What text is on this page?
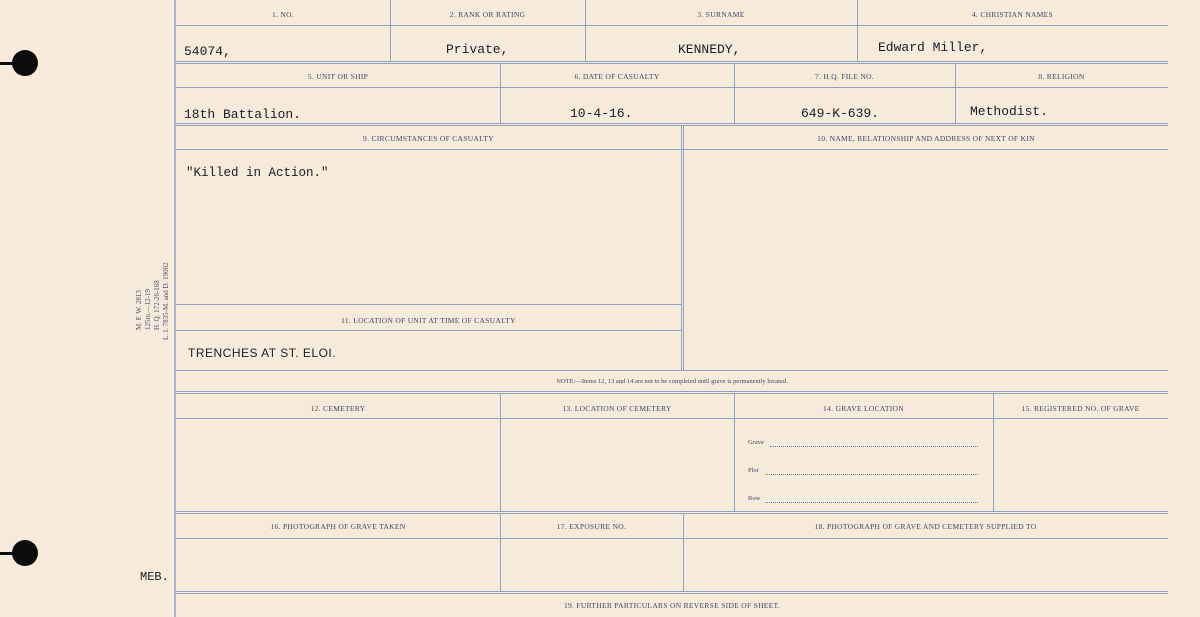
M. F. W. 2813 125m.—12-19 H. Q. 172-26-168 L. I. 7835-M. and D. 19002
MEB.
1. NO.	2. RANK OR RATING	3. SURNAME	4. CHRISTIAN NAMES
54074,	Private,	KENNEDY,	Edward Miller,
5. UNIT OR SHIP	6. DATE OF CASUALTY	7. H.Q. FILE NO.	8. RELIGION
18th Battalion.	10-4-16.	649-K-639.	Methodist.
9. CIRCUMSTANCES OF CASUALTY	10. NAME, RELATIONSHIP AND ADDRESS OF NEXT OF KIN
"Killed in Action."
11. LOCATION OF UNIT AT TIME OF CASUALTY
TRENCHES AT ST. ELOI.
NOTE:—Items 12, 13 and 14 are not to be completed until grave is permanently located.
12. CEMETERY	13. LOCATION OF CEMETERY	14. GRAVE LOCATION	15. REGISTERED NO. OF GRAVE
Grave
Plot
Row
16. PHOTOGRAPH OF GRAVE TAKEN	17. EXPOSURE NO.	18. PHOTOGRAPH OF GRAVE AND CEMETERY SUPPLIED TO
19. FURTHER PARTICULARS ON REVERSE SIDE OF SHEET.
